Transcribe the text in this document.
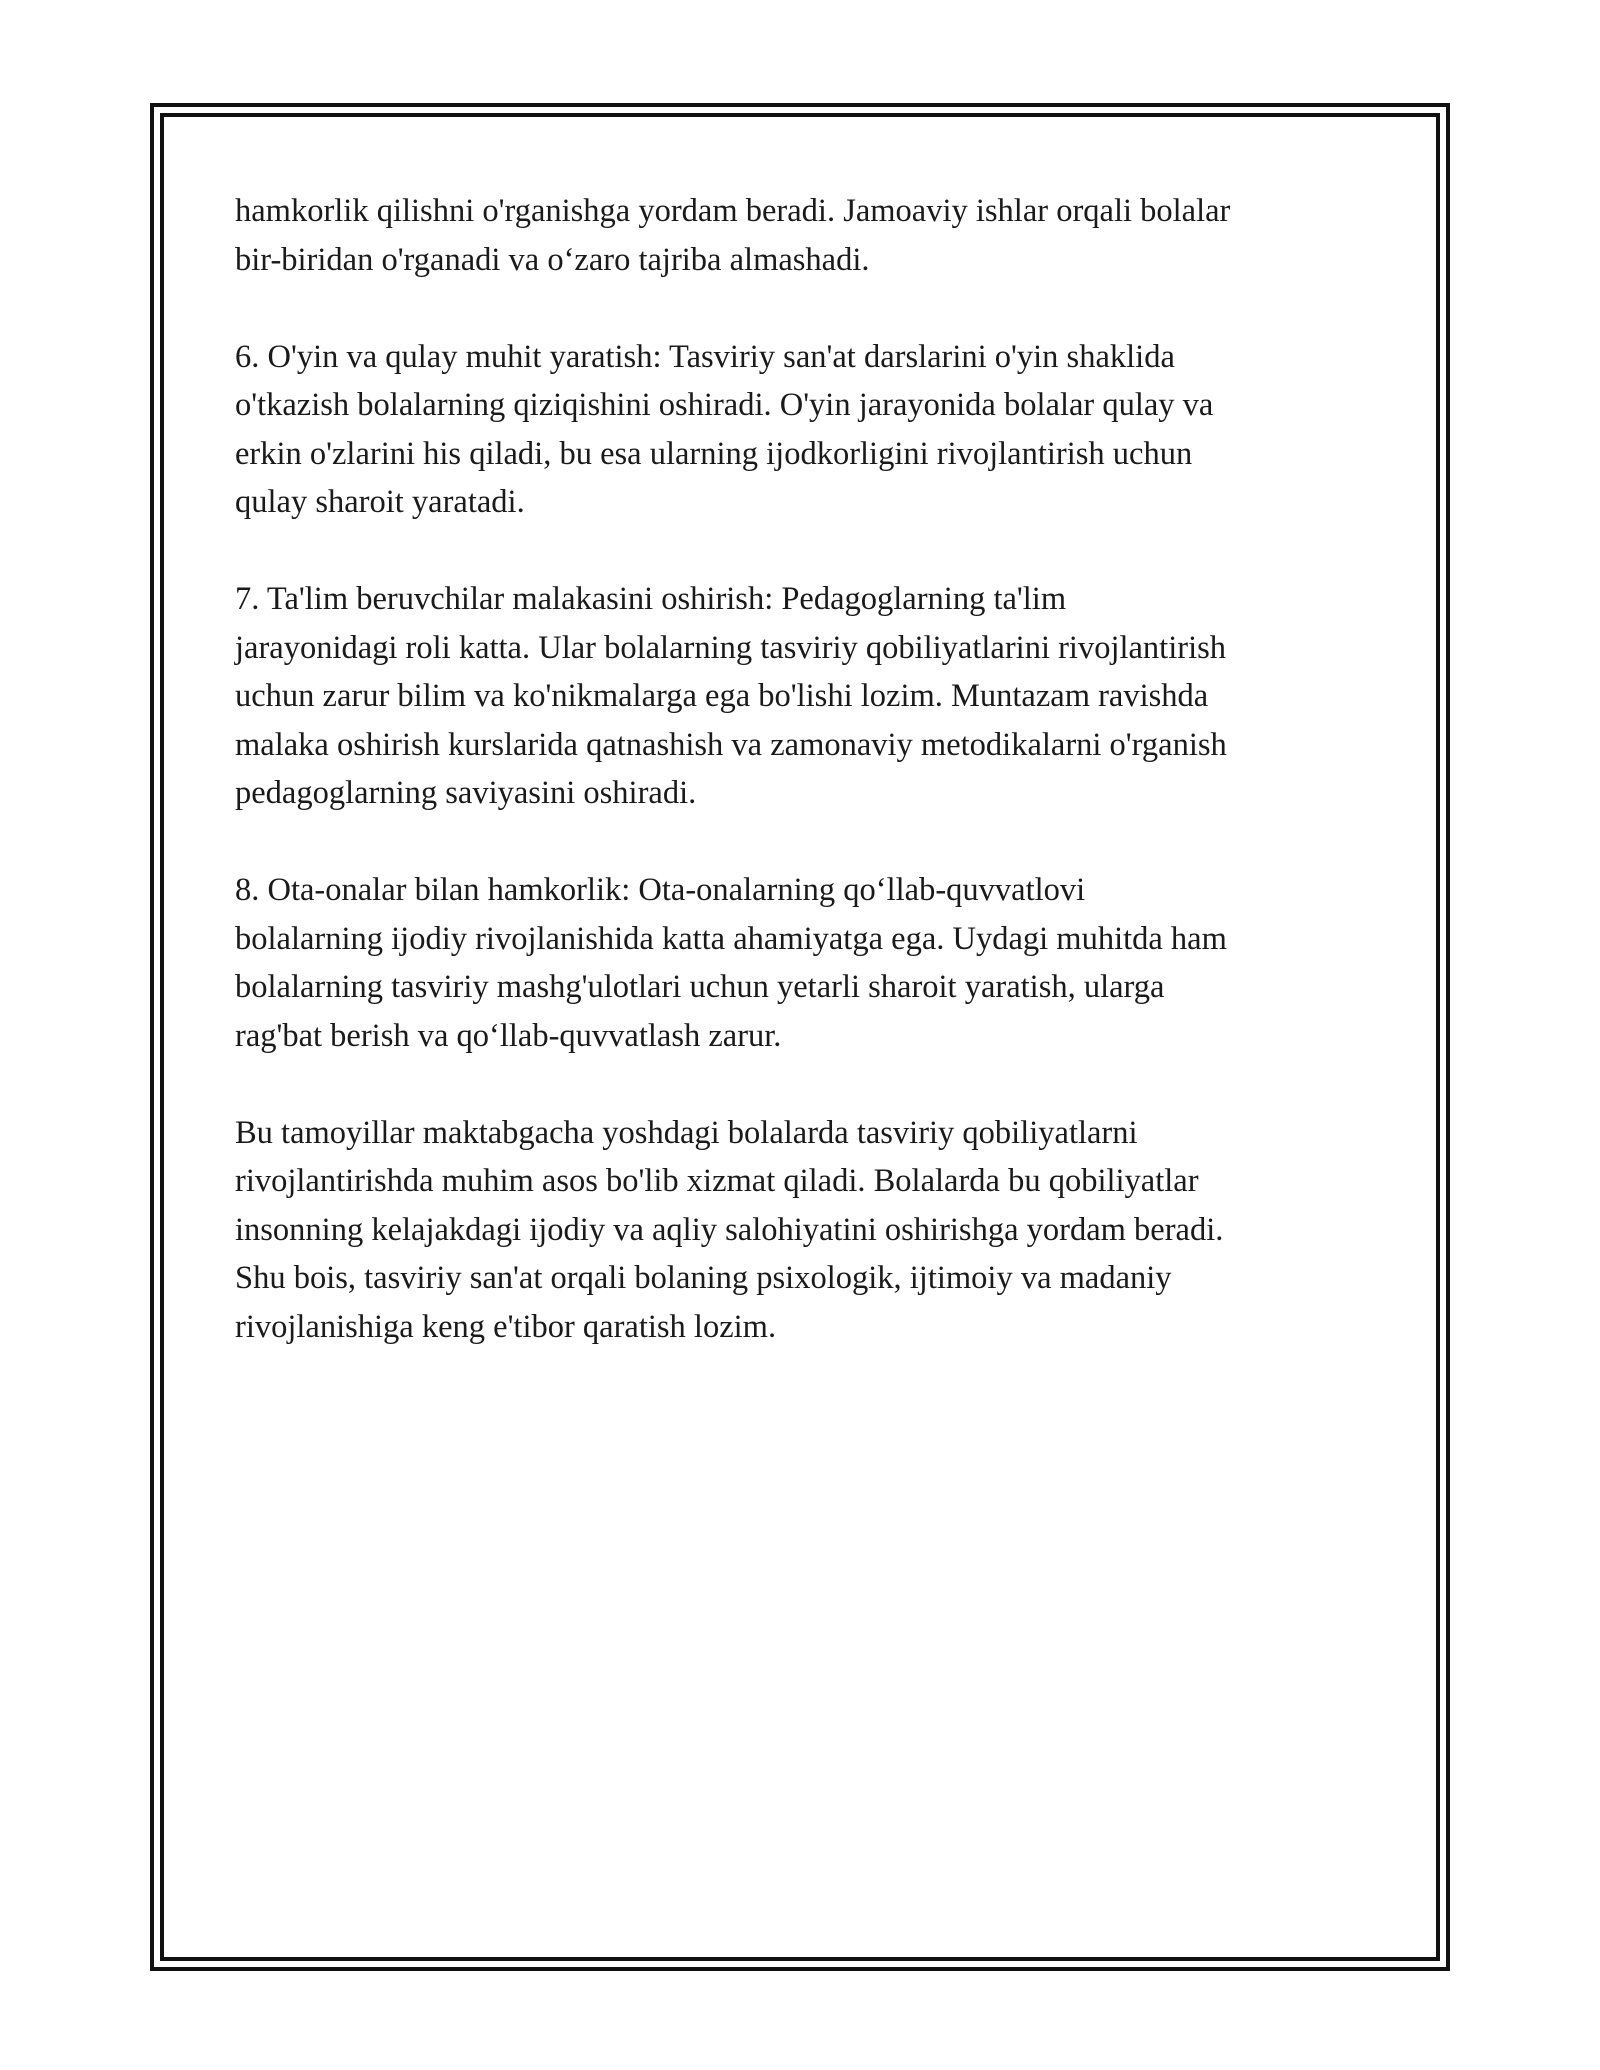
hamkorlik qilishni o'rganishga yordam beradi. Jamoaviy ishlar orqali bolalar
bir-biridan o'rganadi va o‘zaro tajriba almashadi.

6. O'yin va qulay muhit yaratish: Tasviriy san'at darslarini o'yin shaklida
o'tkazish bolalarning qiziqishini oshiradi. O'yin jarayonida bolalar qulay va
erkin o'zlarini his qiladi, bu esa ularning ijodkorligini rivojlantirish uchun
qulay sharoit yaratadi.

7. Ta'lim beruvchilar malakasini oshirish: Pedagoglarning ta'lim
jarayonidagi roli katta. Ular bolalarning tasviriy qobiliyatlarini rivojlantirish
uchun zarur bilim va ko'nikmalarga ega bo'lishi lozim. Muntazam ravishda
malaka oshirish kurslarida qatnashish va zamonaviy metodikalarni o'rganish
pedagoglarning saviyasini oshiradi.

8. Ota-onalar bilan hamkorlik: Ota-onalarning qo‘llab-quvvatlovi
bolalarning ijodiy rivojlanishida katta ahamiyatga ega. Uydagi muhitda ham
bolalarning tasviriy mashg'ulotlari uchun yetarli sharoit yaratish, ularga
rag'bat berish va qo‘llab-quvvatlash zarur.

Bu tamoyillar maktabgacha yoshdagi bolalarda tasviriy qobiliyatlarni
rivojlantirishda muhim asos bo'lib xizmat qiladi. Bolalarda bu qobiliyatlar
insonning kelajakdagi ijodiy va aqliy salohiyatini oshirishga yordam beradi.
Shu bois, tasviriy san'at orqali bolaning psixologik, ijtimoiy va madaniy
rivojlanishiga keng e'tibor qaratish lozim.
